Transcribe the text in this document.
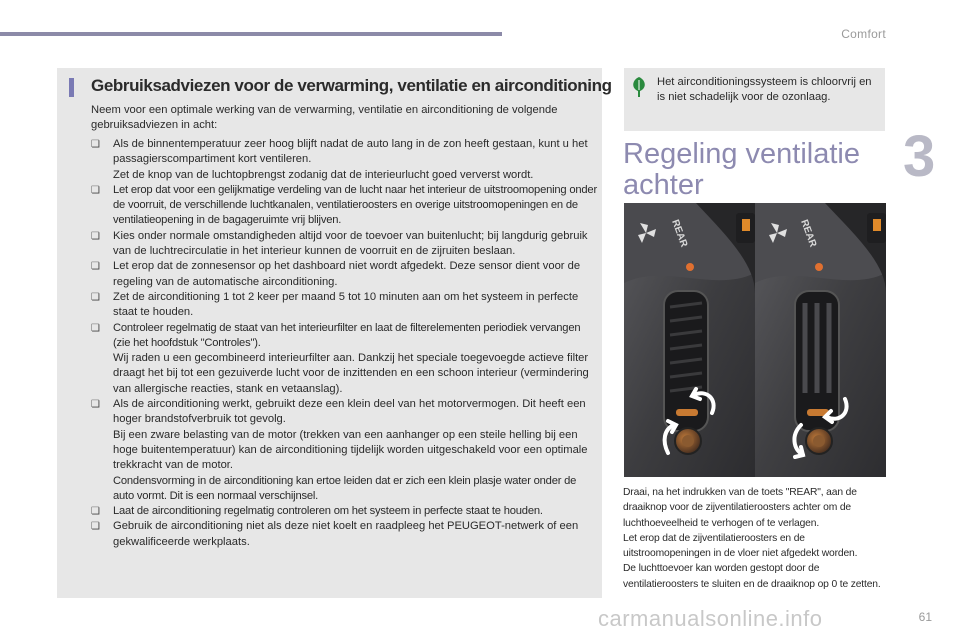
Comfort
3
Gebruiksadviezen voor de verwarming, ventilatie en airconditioning

Neem voor een optimale werking van de verwarming, ventilatie en airconditioning de volgende gebruiksadviezen in acht:

❏ Als de binnentemperatuur zeer hoog blijft nadat de auto lang in de zon heeft gestaan, kunt u het passagierscompartiment kort ventileren.
Zet de knop van de luchtopbrengst zodanig dat de interieurlucht goed ververst wordt.
❏ Let erop dat voor een gelijkmatige verdeling van de lucht naar het interieur de uitstroomopening onder de voorruit, de verschillende luchtkanalen, ventilatieroosters en overige uitstroomopeningen en de ventilatieopening in de bagageruimte vrij blijven.
❏ Kies onder normale omstandigheden altijd voor de toevoer van buitenlucht; bij langdurig gebruik van de luchtrecirculatie in het interieur kunnen de voorruit en de zijruiten beslaan.
❏ Let erop dat de zonnesensor op het dashboard niet wordt afgedekt. Deze sensor dient voor de regeling van de automatische airconditioning.
❏ Zet de airconditioning 1 tot 2 keer per maand 5 tot 10 minuten aan om het systeem in perfecte staat te houden.
❏ Controleer regelmatig de staat van het interieurfilter en laat de filterelementen periodiek vervangen (zie het hoofdstuk "Controles").
Wij raden u een gecombineerd interieurfilter aan. Dankzij het speciale toegevoegde actieve filter draagt het bij tot een gezuiverde lucht voor de inzittenden en een schoon interieur (vermindering van allergische reacties, stank en vetaanslag).
❏ Als de airconditioning werkt, gebruikt deze een klein deel van het motorvermogen. Dit heeft een hoger brandstofverbruik tot gevolg.
Bij een zware belasting van de motor (trekken van een aanhanger op een steile helling bij een hoge buitentemperatuur) kan de airconditioning tijdelijk worden uitgeschakeld voor een optimale trekkracht van de motor.
Condensvorming in de airconditioning kan ertoe leiden dat er zich een klein plasje water onder de auto vormt. Dit is een normaal verschijnsel.
❏ Laat de airconditioning regelmatig controleren om het systeem in perfecte staat te houden.
❏ Gebruik de airconditioning niet als deze niet koelt en raadpleeg het PEUGEOT-netwerk of een gekwalificeerde werkplaats.

Het airconditioningssysteem is chloorvrij en is niet schadelijk voor de ozonlaag.

Regeling ventilatie achter
REAR	REAR
Draai, na het indrukken van de toets "REAR", aan de draaiknop voor de zijventilatieroosters achter om de luchthoeveelheid te verhogen of te verlagen.
Let erop dat de zijventilatieroosters en de uitstroomopeningen in de vloer niet afgedekt worden.
De luchttoevoer kan worden gestopt door de ventilatieroosters te sluiten en de draaiknop op 0 te zetten.
61
carmanualsonline.info
